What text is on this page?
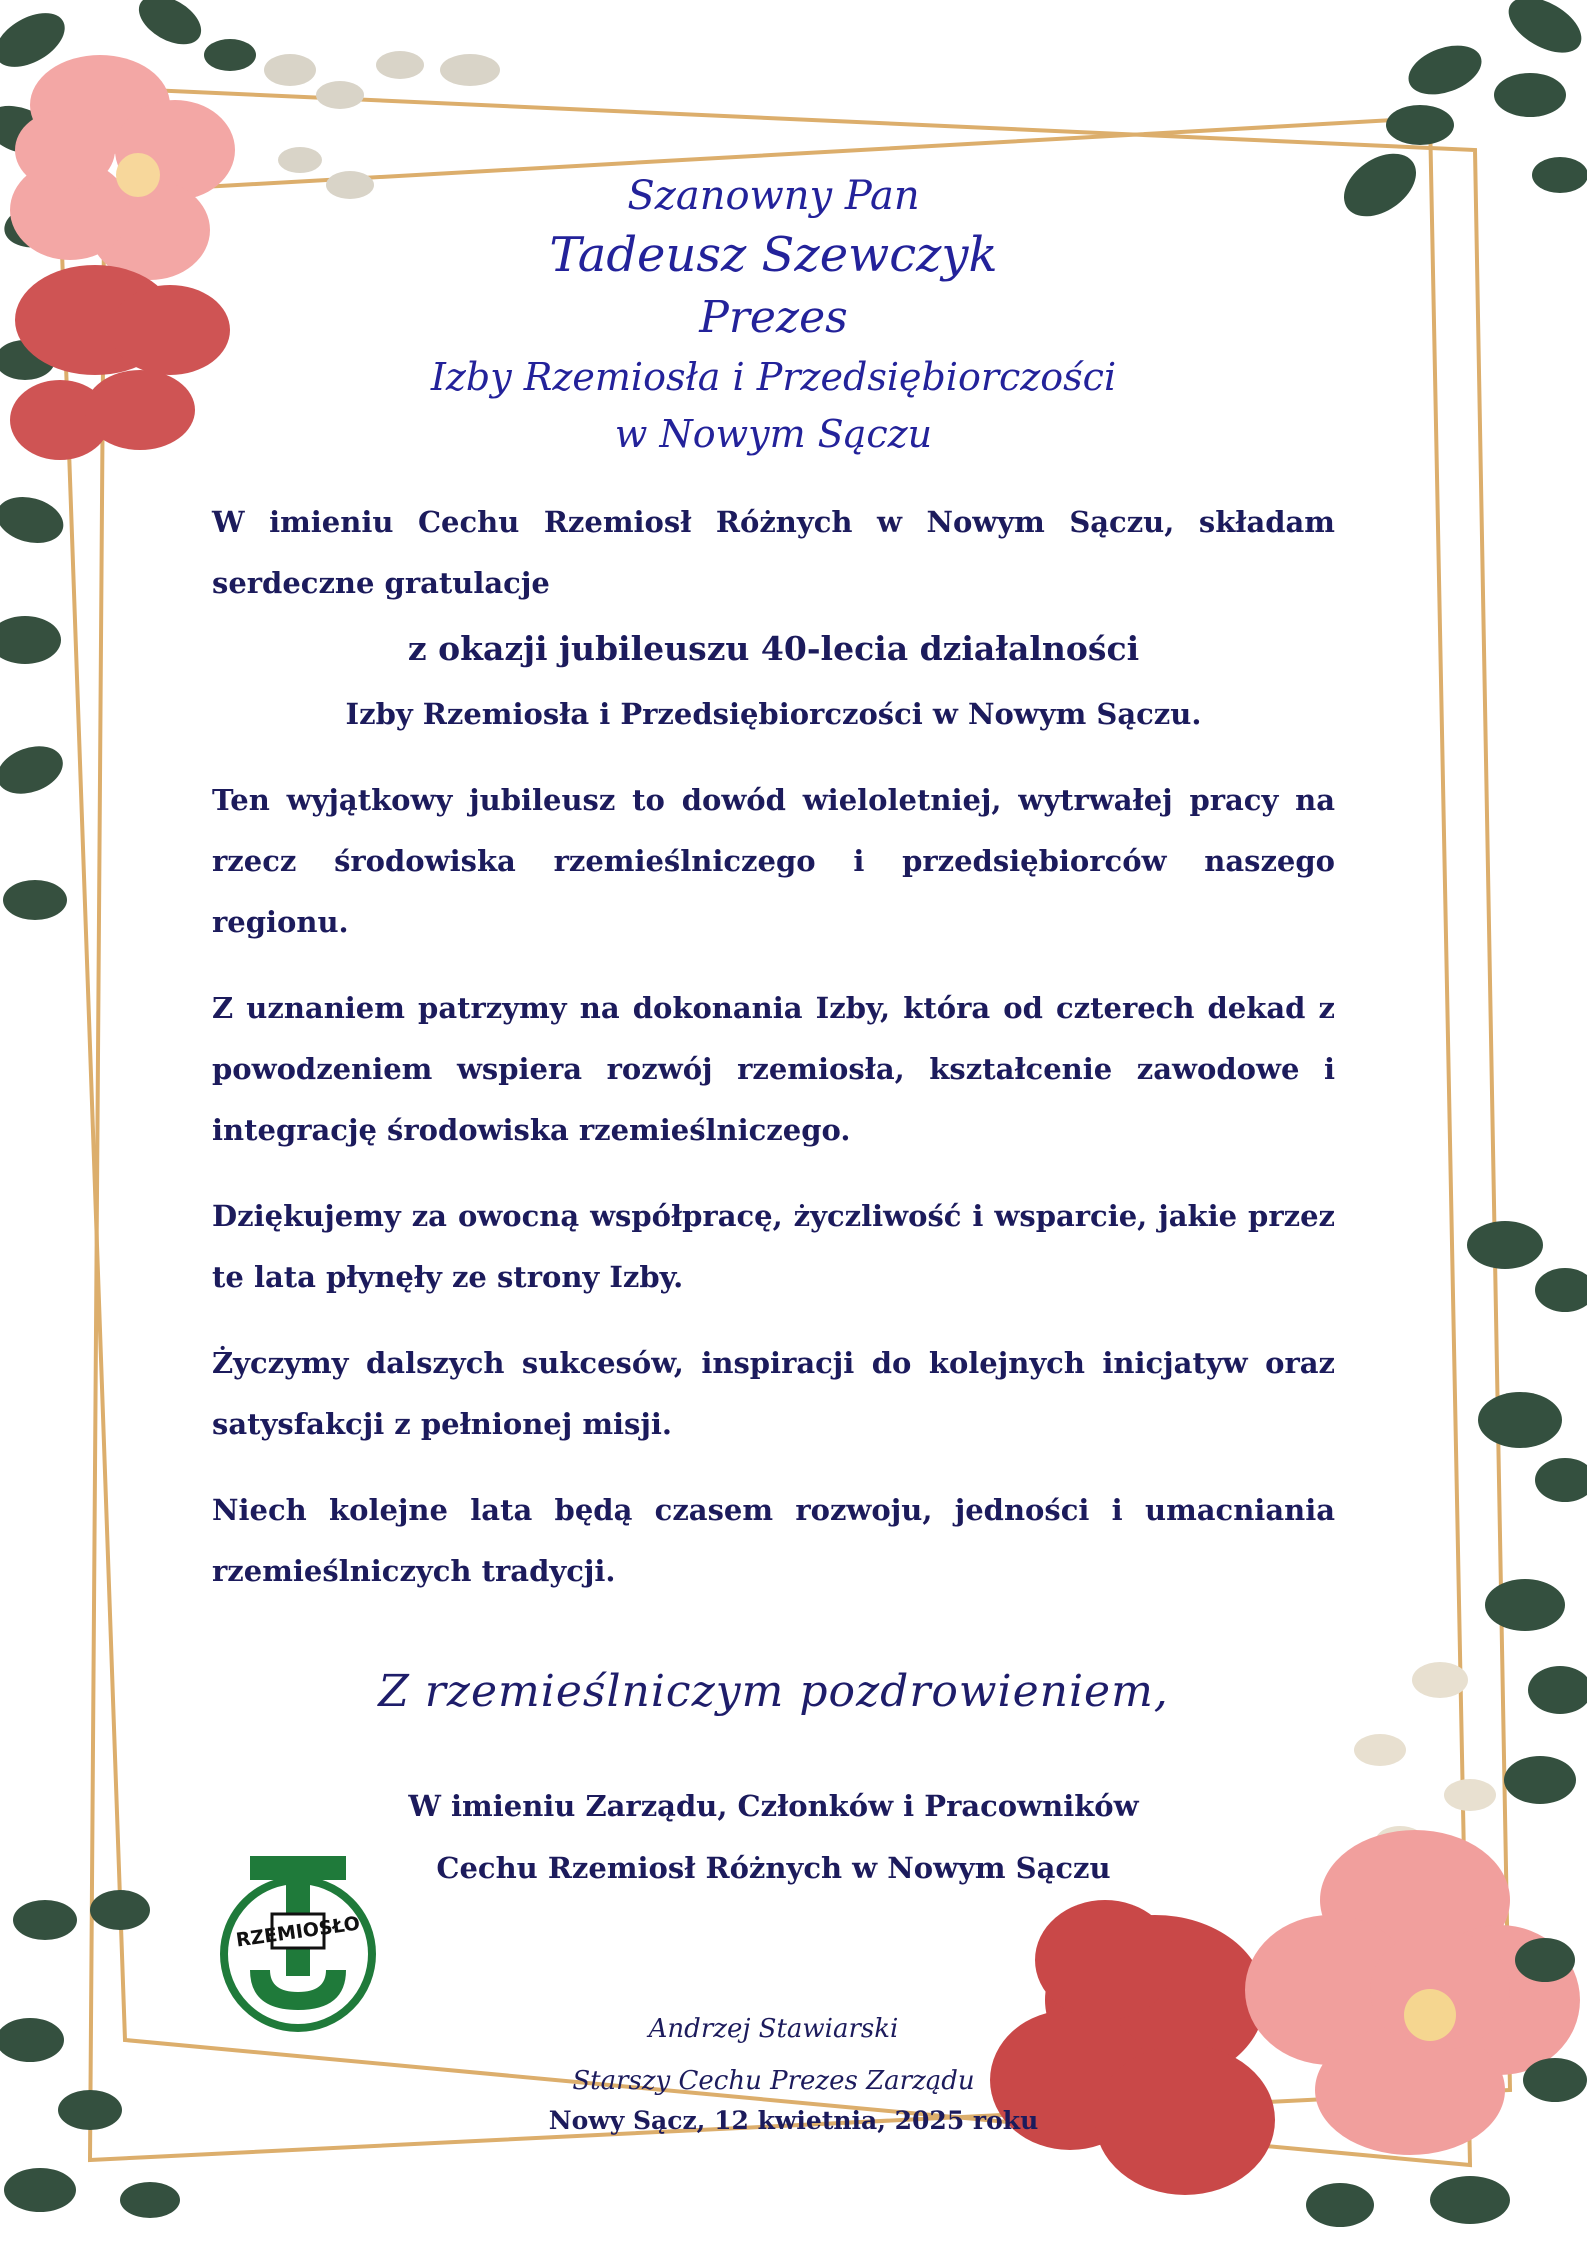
Szanowny Pan
Tadeusz Szewczyk
Prezes
Izby Rzemiosła i Przedsiębiorczości
w Nowym Sączu

W imieniu Cechu Rzemiosł Różnych w Nowym Sączu, składam serdeczne gratulacje

z okazji jubileuszu 40-lecia działalności

Izby Rzemiosła i Przedsiębiorczości w Nowym Sączu.

Ten wyjątkowy jubileusz to dowód wieloletniej, wytrwałej pracy na rzecz środowiska rzemieślniczego i przedsiębiorców naszego regionu.

Z uznaniem patrzymy na dokonania Izby, która od czterech dekad z powodzeniem wspiera rozwój rzemiosła, kształcenie zawodowe i integrację środowiska rzemieślniczego.

Dziękujemy za owocną współpracę, życzliwość i wsparcie, jakie przez te lata płynęły ze strony Izby.

Życzymy dalszych sukcesów, inspiracji do kolejnych inicjatyw oraz satysfakcji z pełnionej misji.

Niech kolejne lata będą czasem rozwoju, jedności i umacniania rzemieślniczych tradycji.

Z rzemieślniczym pozdrowieniem,
W imieniu Zarządu, Członków i Pracowników
Cechu Rzemiosł Różnych w Nowym Sączu
Andrzej Stawiarski
Starszy Cechu Prezes Zarządu
RZEMIOSŁO
Nowy Sącz, 12 kwietnia, 2025 roku
